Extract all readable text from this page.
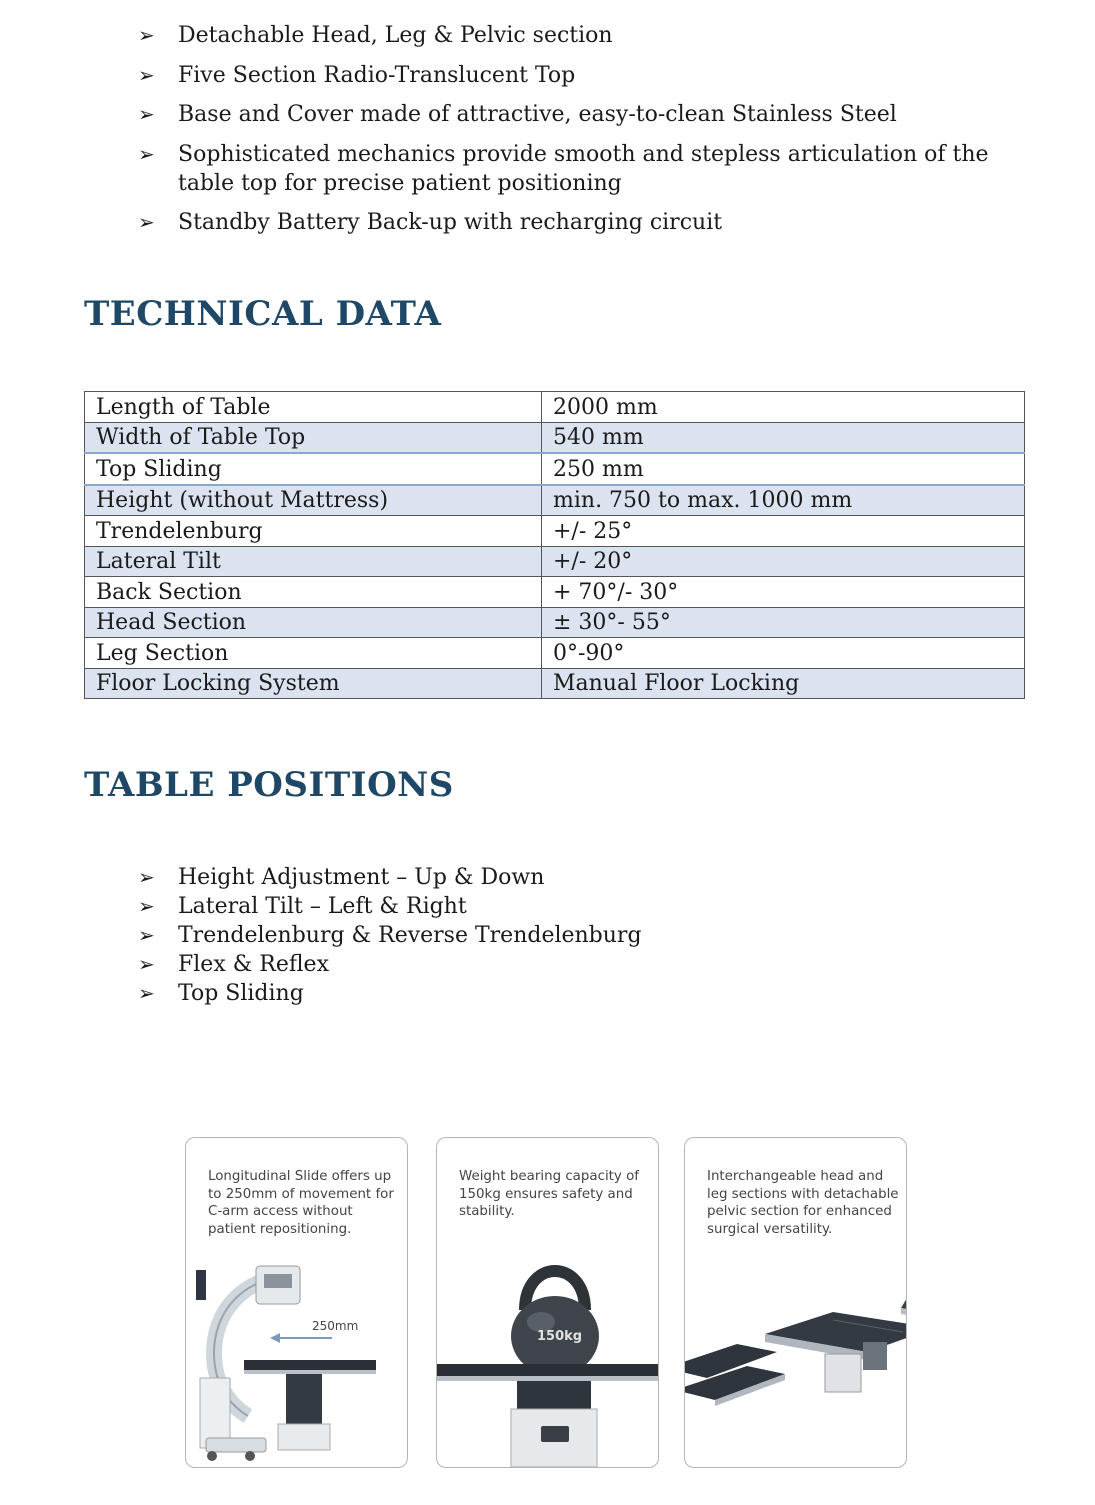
➢ Detachable Head, Leg & Pelvic section
➢ Five Section Radio-Translucent Top
➢ Base and Cover made of attractive, easy-to-clean Stainless Steel
➢ Sophisticated mechanics provide smooth and stepless articulation of the table top for precise patient positioning
➢ Standby Battery Back-up with recharging circuit
TECHNICAL DATA
Length of Table	2000 mm
Width of Table Top	540 mm
Top Sliding	250 mm
Height (without Mattress)	min. 750 to max. 1000 mm
Trendelenburg	+/- 25°
Lateral Tilt	+/- 20°
Back Section	+ 70°/- 30°
Head Section	± 30°- 55°
Leg Section	0°-90°
Floor Locking System	Manual Floor Locking
TABLE POSITIONS
➢ Height Adjustment – Up & Down
➢ Lateral Tilt – Left & Right
➢ Trendelenburg & Reverse Trendelenburg
➢ Flex & Reflex
➢ Top Sliding

Longitudinal Slide offers up to 250mm of movement for C-arm access without patient repositioning.

250mm

Weight bearing capacity of 150kg ensures safety and stability.

150kg

Interchangeable head and leg sections with detachable pelvic section for enhanced surgical versatility.
